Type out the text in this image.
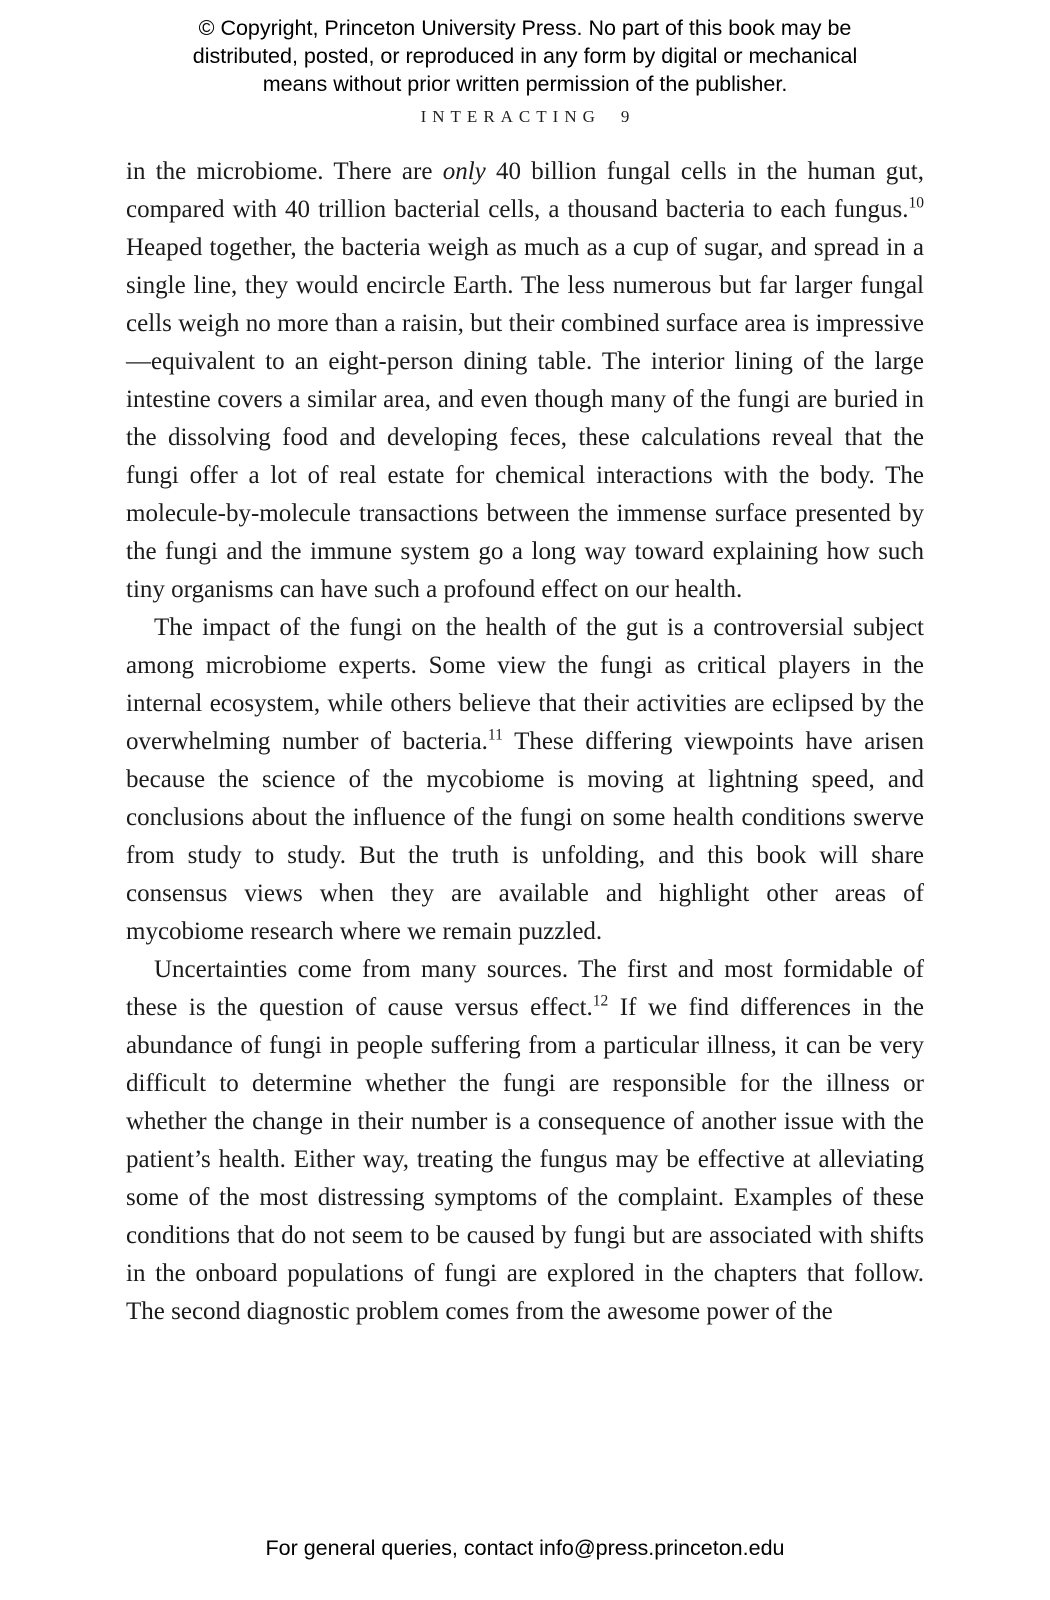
© Copyright, Princeton University Press. No part of this book may be distributed, posted, or reproduced in any form by digital or mechanical means without prior written permission of the publisher.
INTERACTING 9

in the microbiome. There are only 40 billion fungal cells in the human gut, compared with 40 trillion bacterial cells, a thousand bacteria to each fungus.$^{10}$ Heaped together, the bacteria weigh as much as a cup of sugar, and spread in a single line, they would encircle Earth. The less numerous but far larger fungal cells weigh no more than a raisin, but their combined surface area is impressive—equivalent to an eight-person dining table. The interior lining of the large intestine covers a similar area, and even though many of the fungi are buried in the dissolving food and developing feces, these calculations reveal that the fungi offer a lot of real estate for chemical interactions with the body. The molecule-by-molecule transactions between the immense surface presented by the fungi and the immune system go a long way toward explaining how such tiny organisms can have such a profound effect on our health.

The impact of the fungi on the health of the gut is a controversial subject among microbiome experts. Some view the fungi as critical players in the internal ecosystem, while others believe that their activities are eclipsed by the overwhelming number of bacteria.$^{11}$ These differing viewpoints have arisen because the science of the mycobiome is moving at lightning speed, and conclusions about the influence of the fungi on some health conditions swerve from study to study. But the truth is unfolding, and this book will share consensus views when they are available and highlight other areas of mycobiome research where we remain puzzled.

Uncertainties come from many sources. The first and most formidable of these is the question of cause versus effect.$^{12}$ If we find differences in the abundance of fungi in people suffering from a particular illness, it can be very difficult to determine whether the fungi are responsible for the illness or whether the change in their number is a consequence of another issue with the patient’s health. Either way, treating the fungus may be effective at alleviating some of the most distressing symptoms of the complaint. Examples of these conditions that do not seem to be caused by fungi but are associated with shifts in the onboard populations of fungi are explored in the chapters that follow. The second diagnostic problem comes from the awesome power of the

For general queries, contact info@press.princeton.edu
